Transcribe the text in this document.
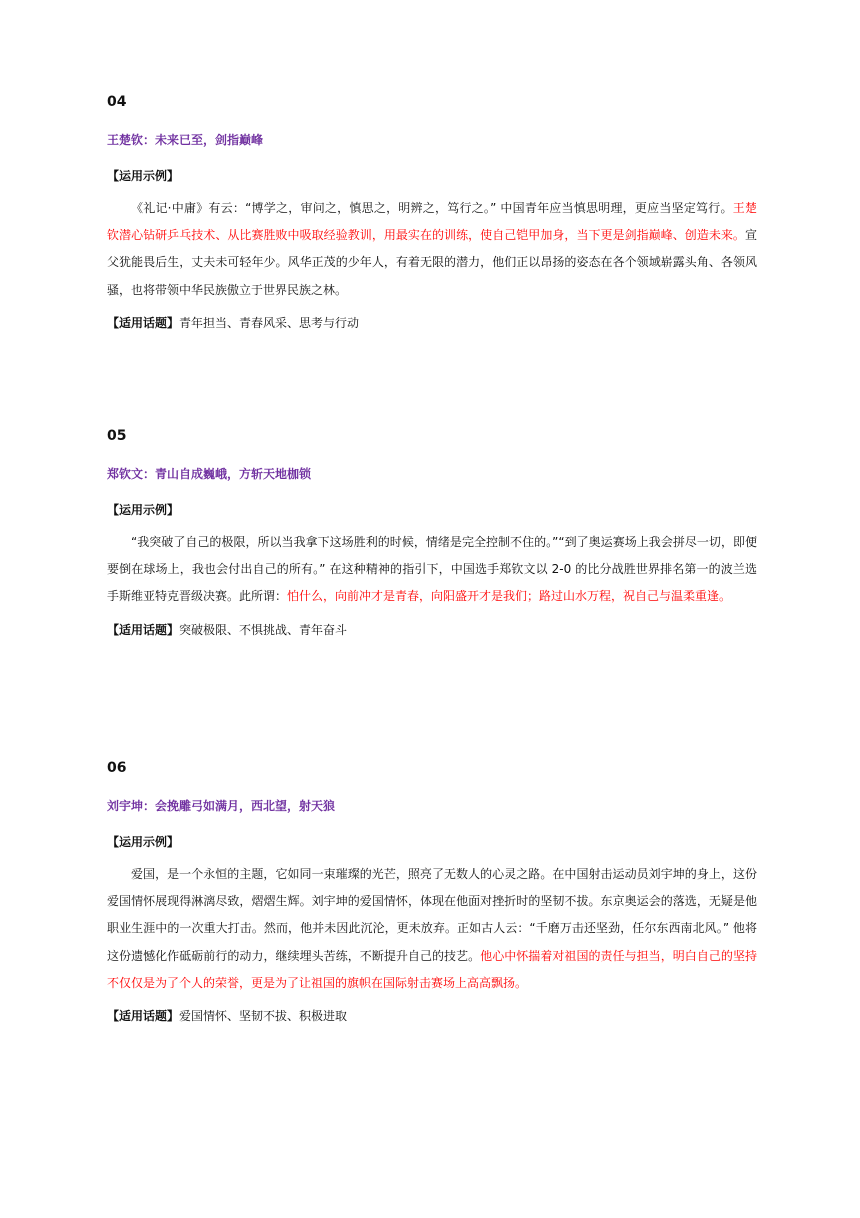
04
王楚钦：未来已至，剑指巅峰
【运用示例】
《礼记·中庸》有云：“博学之，审问之，慎思之，明辨之，笃行之。” 中国青年应当慎思明理，更应当坚定笃行。王楚钦潜心钻研乒乓技术、从比赛胜败中吸取经验教训，用最实在的训练，使自己铠甲加身，当下更是剑指巅峰、创造未来。宣父犹能畏后生，丈夫未可轻年少。风华正茂的少年人，有着无限的潜力，他们正以昂扬的姿态在各个领域崭露头角、各领风骚，也将带领中华民族傲立于世界民族之林。
【适用话题】青年担当、青春风采、思考与行动
05
郑钦文：青山自成巍峨，方斩天地枷锁
【运用示例】
“我突破了自己的极限，所以当我拿下这场胜利的时候，情绪是完全控制不住的。”“到了奥运赛场上我会拼尽一切，即便要倒在球场上，我也会付出自己的所有。” 在这种精神的指引下，中国选手郑钦文以 2-0 的比分战胜世界排名第一的波兰选手斯维亚特克晋级决赛。此所谓：怕什么，向前冲才是青春，向阳盛开才是我们；路过山水万程，祝自己与温柔重逢。
【适用话题】突破极限、不惧挑战、青年奋斗
06
刘宇坤：会挽雕弓如满月，西北望，射天狼
【运用示例】
爱国，是一个永恒的主题，它如同一束璀璨的光芒，照亮了无数人的心灵之路。在中国射击运动员刘宇坤的身上，这份爱国情怀展现得淋漓尽致，熠熠生辉。刘宇坤的爱国情怀，体现在他面对挫折时的坚韧不拔。东京奥运会的落选，无疑是他职业生涯中的一次重大打击。然而，他并未因此沉沦，更未放弃。正如古人云：“千磨万击还坚劲，任尔东西南北风。” 他将这份遗憾化作砥砺前行的动力，继续埋头苦练，不断提升自己的技艺。他心中怀揣着对祖国的责任与担当，明白自己的坚持不仅仅是为了个人的荣誉，更是为了让祖国的旗帜在国际射击赛场上高高飘扬。
【适用话题】爱国情怀、坚韧不拔、积极进取
